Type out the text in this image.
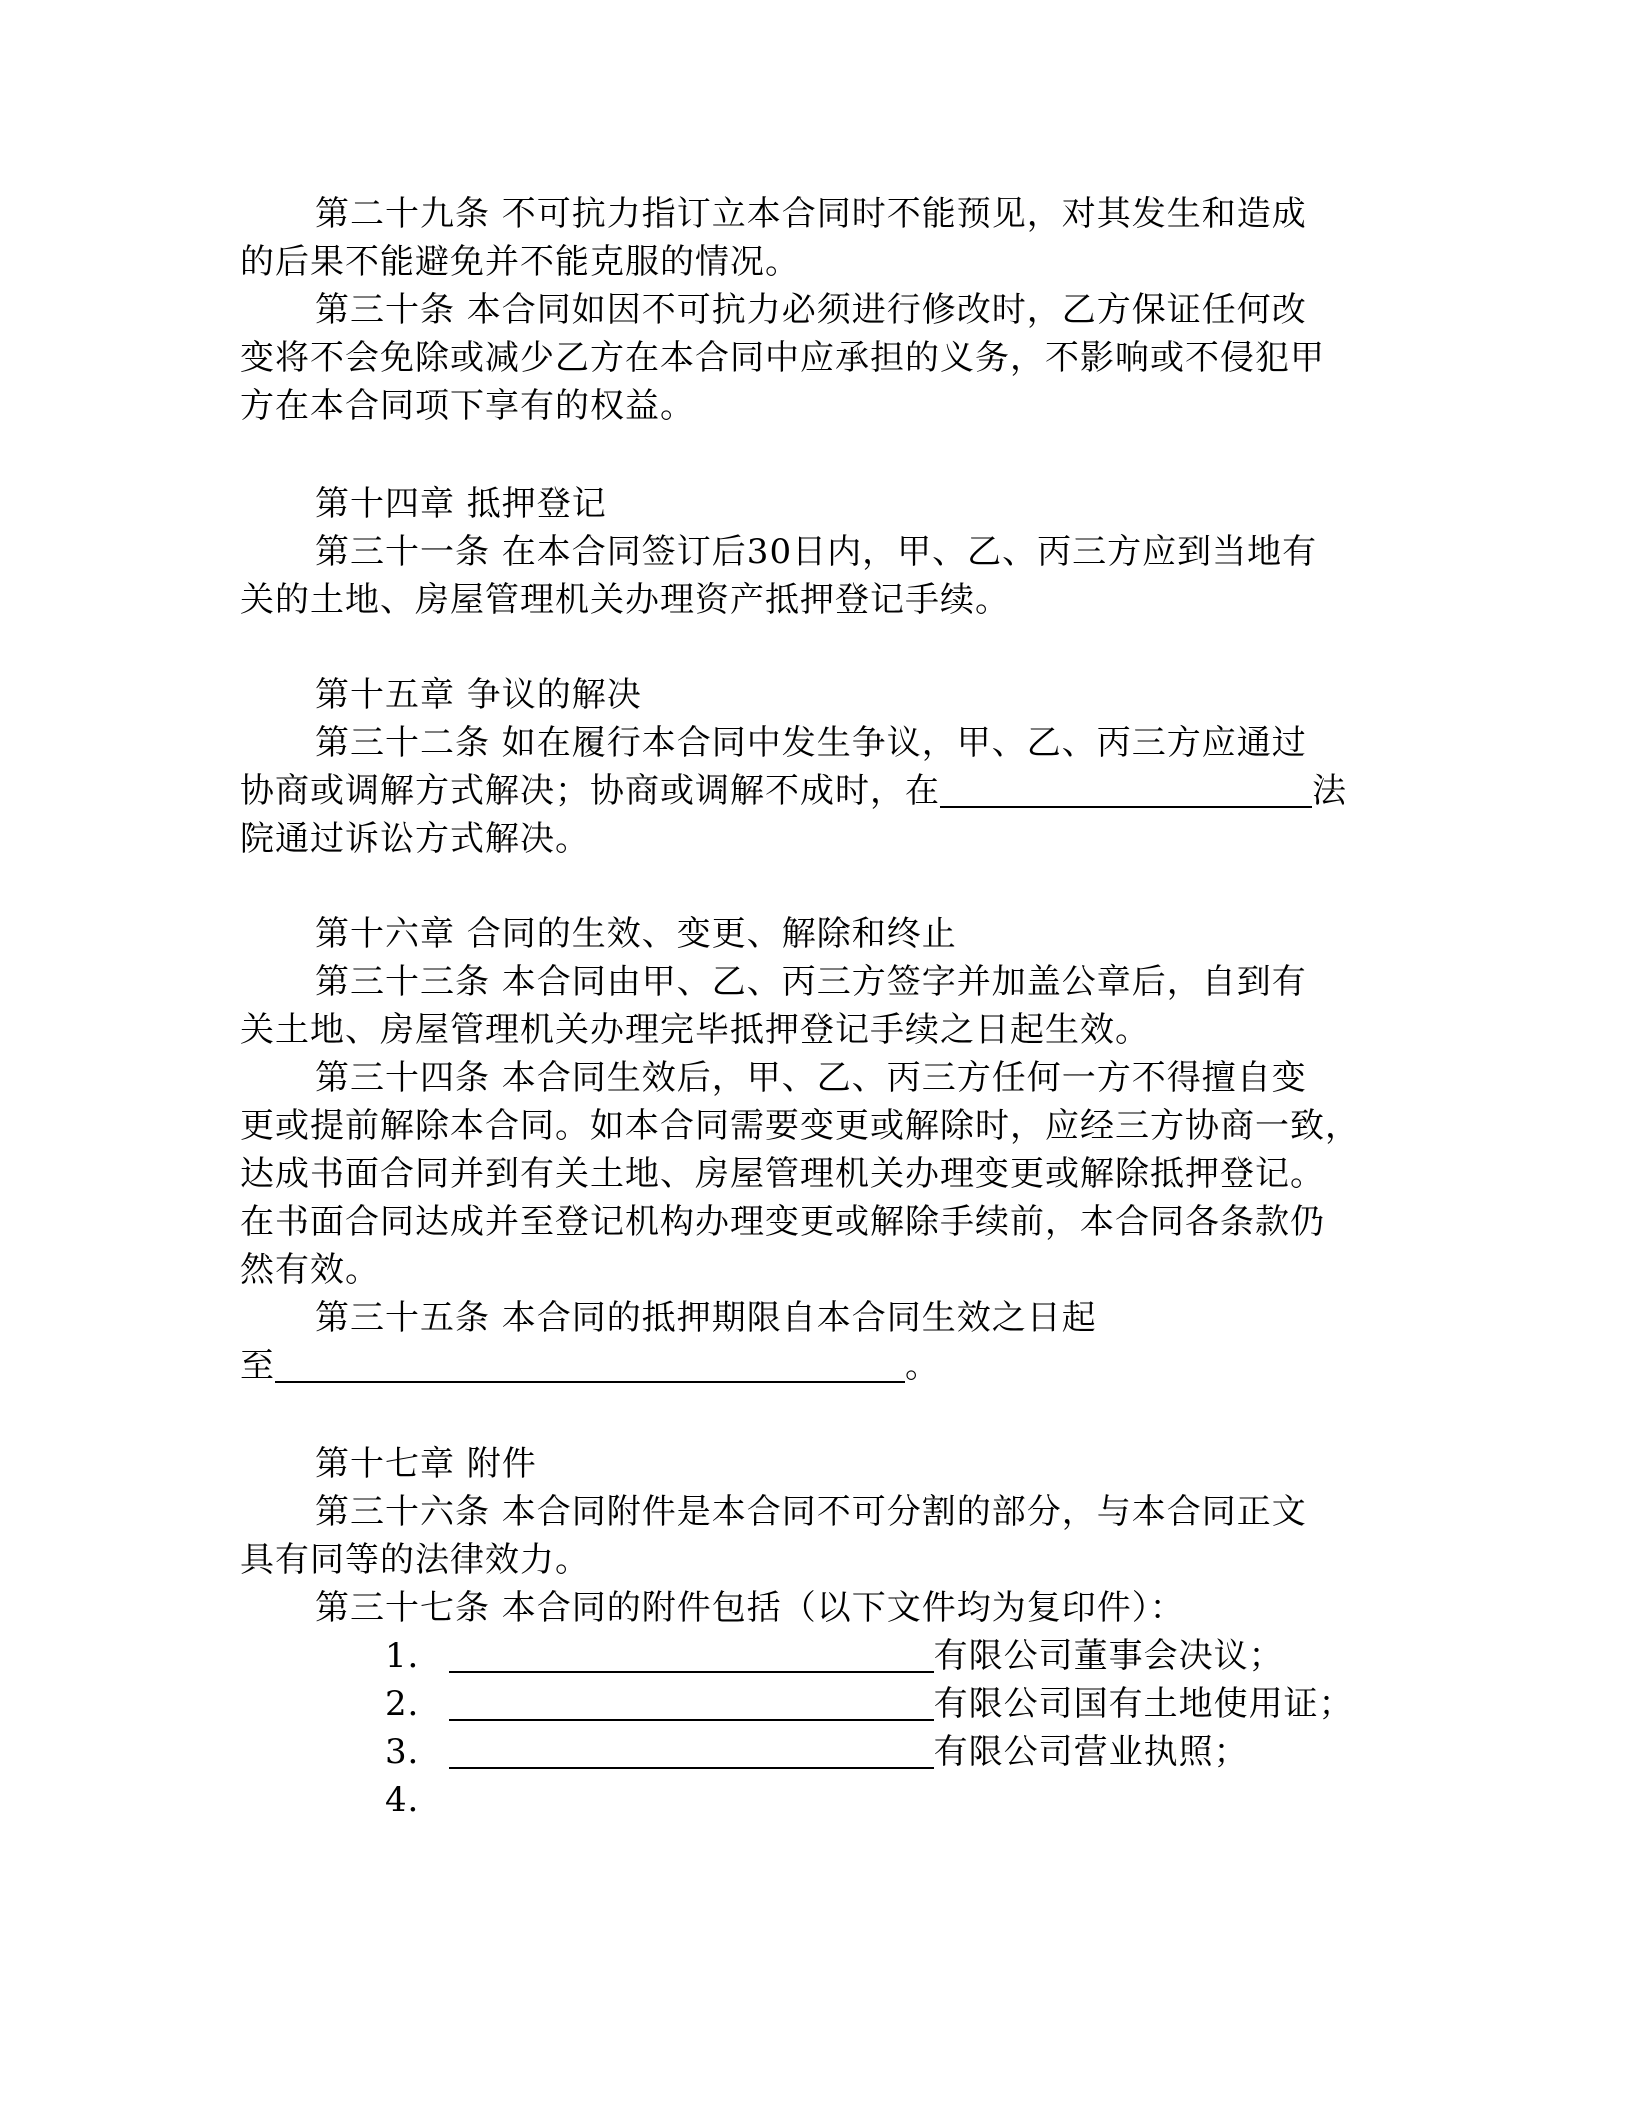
第二十九条 不可抗力指订立本合同时不能预见，对其发生和造成
的后果不能避免并不能克服的情况。
第三十条 本合同如因不可抗力必须进行修改时，乙方保证任何改
变将不会免除或减少乙方在本合同中应承担的义务，不影响或不侵犯甲
方在本合同项下享有的权益。
第十四章 抵押登记
第三十一条 在本合同签订后30日内，甲、乙、丙三方应到当地有
关的土地、房屋管理机关办理资产抵押登记手续。
第十五章 争议的解决
第三十二条 如在履行本合同中发生争议，甲、乙、丙三方应通过
协商或调解方式解决；协商或调解不成时，在	法
院通过诉讼方式解决。
第十六章 合同的生效、变更、解除和终止
第三十三条 本合同由甲、乙、丙三方签字并加盖公章后，自到有
关土地、房屋管理机关办理完毕抵押登记手续之日起生效。
第三十四条 本合同生效后，甲、乙、丙三方任何一方不得擅自变
更或提前解除本合同。如本合同需要变更或解除时，应经三方协商一致，
达成书面合同并到有关土地、房屋管理机关办理变更或解除抵押登记。
在书面合同达成并至登记机构办理变更或解除手续前，本合同各条款仍
然有效。
第三十五条 本合同的抵押期限自本合同生效之日起
至	。
第十七章 附件
第三十六条 本合同附件是本合同不可分割的部分，与本合同正文
具有同等的法律效力。
第三十七条 本合同的附件包括（以下文件均为复印件）：
1．	有限公司董事会决议；
2．	有限公司国有土地使用证；
3．	有限公司营业执照；
4．
